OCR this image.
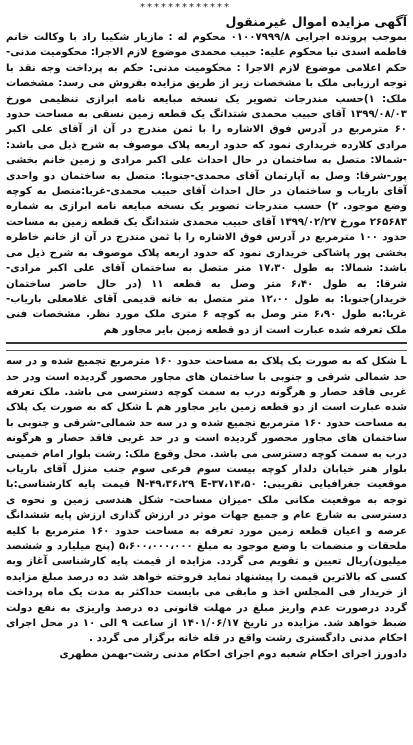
*************
آگهی مزایده اموال غیرمنقول

بموجب پرونده اجرایی ۰۱۰۰۷۹۹۹/۸ محکوم له : مازیار شکیبا راد با وکالت خانم فاطمه اسدی نیا محکوم علیه: حبیب محمدی موضوع لازم الاجرا: محکومیت مدنی-حکم اعلامی موضوع لازم الاجرا : محکومیت مدنی: حکم به پرداخت وجه نقد با توجه ارزیابی ملک با مشخصات زیر از طریق مزایده بفروش می رسد: مشخصات ملک: ۱)حسب مندرجات تصویر یک نسخه مبایعه نامه ابرازی تنظیمی مورخ ۱۳۹۹/۰۸/۰۳ آقای حبیب محمدی شتداتگ یک قطعه زمین نسقی به مساحت حدود ۶۰ مترمربع در آدرس فوق الاشاره را با ثمن مندرج در آن از آقای علی اکبر مرادی کلارده خریداری نمود که حدود اربعه پلاک موصوف به شرح ذیل می باشد: -شمالا: متصل به ساختمان در حال احداث علی اکبر مرادی و زمین خانم بخشی پور-شرقا: وصل به آپارتمان آقای محمدی-جنوبا: متصل به ساختمان دو واحدی آقای باریاب و ساختمان در حال احداث آقای حبیب محمدی-غربا:متصل به کوچه وضع موجود. ۲) حسب مندرجات تصویر یک نسخه مبایعه نامه ابرازی به شماره ۲۶۵۶۸۳ مورخ ۱۳۹۹/۰۲/۲۷ آقای حبیب محمدی شتداتگ یک قطعه زمین به مساحت حدود ۱۰۰ مترمربع در آدرس فوق الاشاره را با ثمن مندرج در آن از خانم خاطره بخشی پور پاشاکی خریداری نمود که حدود اربعه پلاک موصوف به شرح ذیل می باشد: شمالا: به طول ۱۷،۳۰ متر متصل به ساختمان آقای علی اکبر مرادی- شرقا: به طول ۶،۴۰ متر وصل به قطعه ۱۱ (در حال حاضر ساختمان خریدار)جنوبا: به طول ۱۲،۰۰ متر متصل به خانه قدیمی آقای غلامعلی باریاب-غربا:به طول ۶،۹۰ متر وصل به کوچه ۶ متری ملک مورد نظر. مشخصات فنی ملک تعرفه شده عبارت است از دو قطعه زمین بایر مجاور هم

L شکل که به صورت یک پلاک به مساحت حدود ۱۶۰ مترمربع تجمیع شده و در سه حد شمالی شرقی و جنوبی با ساختمان های مجاور محصور گردیده است ودر حد غربی فاقد حصار و هرگونه درب به سمت کوچه دسترسی می باشد. ملک تعرفه شده عبارت است از دو قطعه زمین بایر مجاور هم L شکل که به صورت یک پلاک به مساحت حدود ۱۶۰ مترمربع تجمیع شده و در سه حد شمالی-شرقی و جنوبی با ساختمان های مجاور محصور گردیده است و در حد غربی فاقد حصار و هرگونه درب به سمت کوچه دسترسی می باشد. محل وقوع ملک: رشت بلوار امام خمینی بلوار هنر خیابان دلدار کوچه بیست سوم فرعی سوم جنب منزل آقای باریاب موقعیت جغرافیایی تقریبی: N-۴۹،۳۶،۲۹ E-۳۷،۱۴،۵۰ قیمت پایه کارشناسی:با توجه به موقعیت مکانی ملک -میزان مساحت- شکل هندسی زمین و نحوه ی دسترسی به شارع عام و جمیع جهات موثر در ارزش گذاری ارزش پایه ششدانگ عرصه و اعیان قطعه زمین مورد تعرفه به مساحت حدود ۱۶۰ مترمربع با کلیه ملحقات و منضمات با وضع موجود به مبلغ ۵،۶۰۰،۰۰۰،۰۰۰ (پنج میلیارد و ششصد میلیون)ریال تعیین و تقویم می گردد. مزایده از قیمت پایه کارشناسی آغاز وبه کسی که بالاترین قیمت را پیشنهاد نماید فروخته خواهد شد ده درصد مبلغ مزایده از خریدار فی المجلس اخذ و مابقی می بایست حداکثر به مدت یک ماه پرداخت گردد درصورت عدم واریز مبلغ در مهلت قانونی ده درصد واریزی به نفع دولت ضبط خواهد شد. مزایده در تاریخ ۱۴۰۱/۰۶/۱۷ از ساعت ۹ الی ۱۰ در محل اجرای احکام مدنی دادگستری رشت واقع در قله خانه برگزار می گردد .

دادورز اجرای احکام شعبه دوم اجرای احکام مدنی رشت-بهمن مطهری
